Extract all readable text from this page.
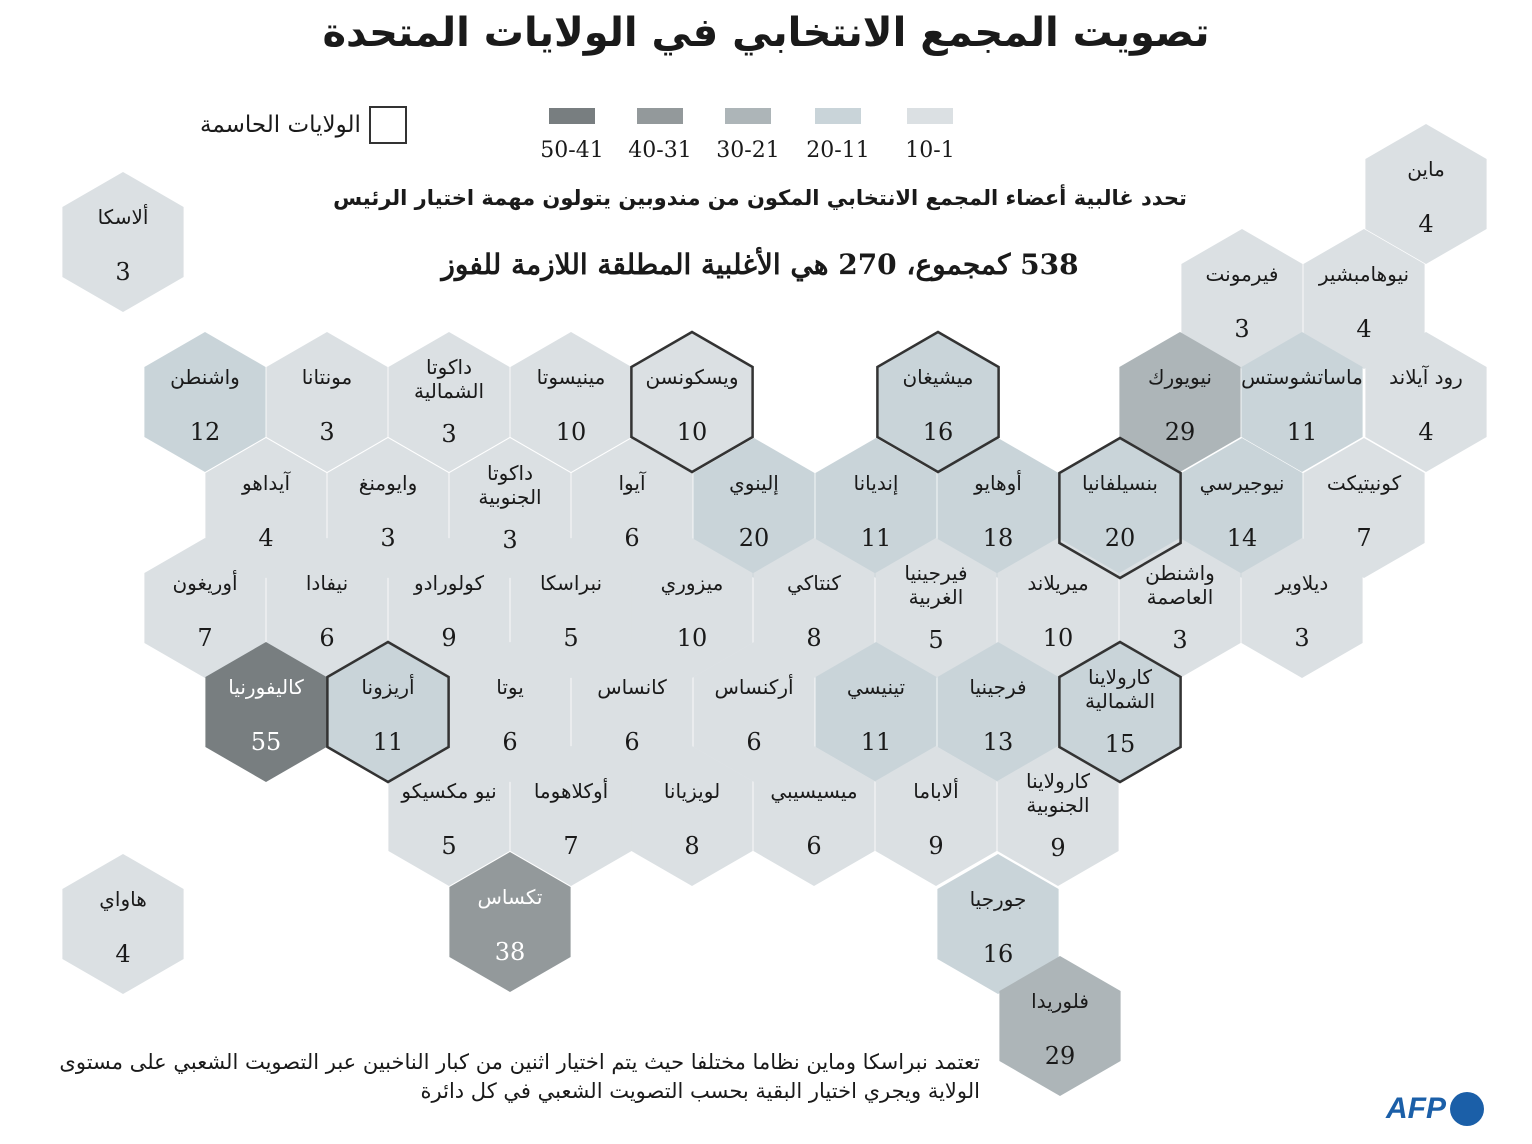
تصويت المجمع الانتخابي في الولايات المتحدة
50-41	40-31	30-21	20-11	10-1
الولايات الحاسمة
تحدد غالبية أعضاء المجمع الانتخابي المكون من مندوبين يتولون مهمة اختيار الرئيس
538 كمجموع، 270 هي الأغلبية المطلقة اللازمة للفوز
ماين
4
ألاسكا
3	فيرمونت
3
نيوهامبشير
4
واشنطن
12
مونتانا
3
داكوتا الشمالية
3
مينيسوتا
10
ويسكونسن
10
ميشيغان
16
نيويورك
29
ماساتشوستس
11
رود آيلاند
4
آيداهو
4
وايومنغ
3
داكوتا الجنوبية
3
آيوا
6
إلينوي
20
إنديانا
11
أوهايو
18
بنسيلفانيا
20
نيوجيرسي
14
كونيتيكت
7
أوريغون
7
نيفادا
6
كولورادو
9
نبراسكا
5
ميزوري
10
كنتاكي
8
فيرجينيا الغربية
5
ميريلاند
10
واشنطن العاصمة
3
ديلاوير
3
كاليفورنيا
55
أريزونا
11
يوتا
6
كانساس
6
أركنساس
6
تينيسي
11
فرجينيا
13
كارولاينا الشمالية
15
نيو مكسيكو
5
أوكلاهوما
7
لويزيانا
8
ميسيسيبي
6
ألاباما
9
كارولاينا الجنوبية
9
هاواي
4
تكساس
38
جورجيا
16
فلوريدا
29
تعتمد نبراسكا وماين نظاما مختلفا حيث يتم اختيار اثنين من كبار الناخبين عبر التصويت الشعبي على مستوى الولاية ويجري اختيار البقية بحسب التصويت الشعبي في كل دائرة
AFP
